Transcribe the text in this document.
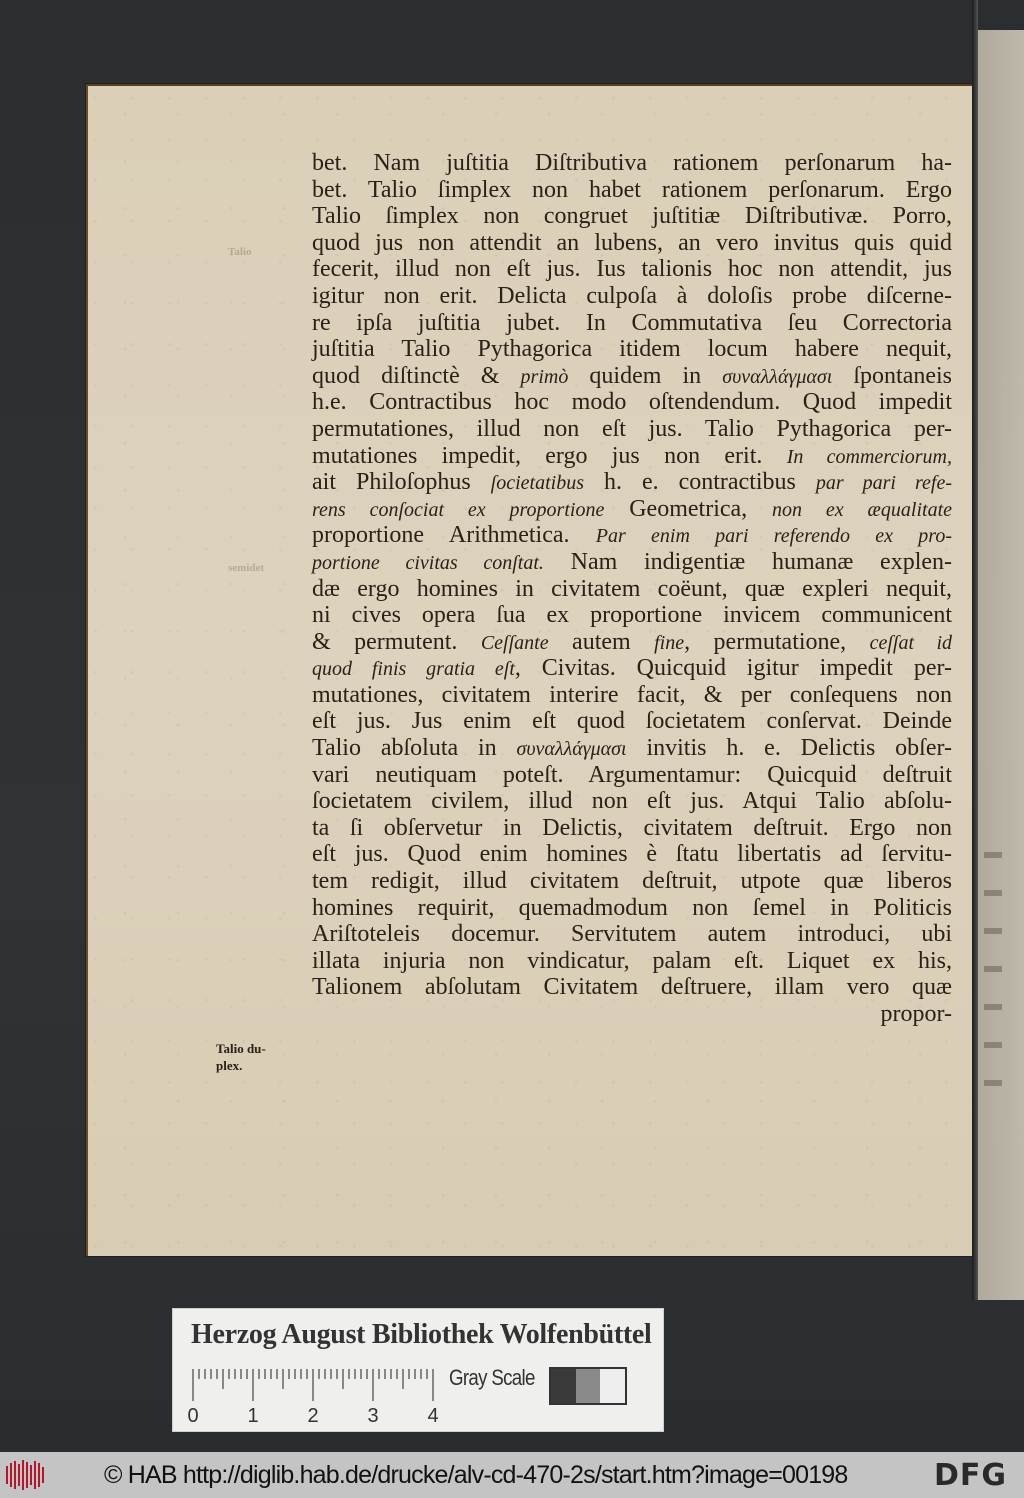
Talio
semidet
bet. Nam juſtitia Diſtributiva rationem perſonarum ha-
bet. Talio ſimplex non habet rationem perſonarum. Ergo
Talio ſimplex non congruet juſtitiæ Diſtributivæ. Porro,
quod jus non attendit an lubens, an vero invitus quis quid
fecerit, illud non eſt jus. Ius talionis hoc non attendit, jus
igitur non erit. Delicta culpoſa à doloſis probe diſcerne-
re ipſa juſtitia jubet. In Commutativa ſeu Correctoria
juſtitia Talio Pythagorica itidem locum habere nequit,
quod diſtinctè & primò quidem in συναλλάγμασι ſpontaneis
h.e. Contractibus hoc modo oſtendendum. Quod impedit
permutationes, illud non eſt jus. Talio Pythagorica per-
mutationes impedit, ergo jus non erit. In commerciorum,
ait Philoſophus ſocietatibus h. e. contractibus par pari refe-
rens conſociat ex proportione Geometrica, non ex æqualitate
proportione Arithmetica. Par enim pari referendo ex pro-
portione civitas conſtat. Nam indigentiæ humanæ explen-
dæ ergo homines in civitatem coëunt, quæ expleri nequit,
ni cives opera ſua ex proportione invicem communicent
& permutent. Ceſſante autem fine, permutatione, ceſſat id
quod finis gratia eſt, Civitas. Quicquid igitur impedit per-
mutationes, civitatem interire facit, & per conſequens non
eſt jus. Jus enim eſt quod ſocietatem conſervat. Deinde
Talio abſoluta in συναλλάγμασι invitis h. e. Delictis obſer-
vari neutiquam poteſt. Argumentamur: Quicquid deſtruit
ſocietatem civilem, illud non eſt jus. Atqui Talio abſolu-
ta ſi obſervetur in Delictis, civitatem deſtruit. Ergo non
eſt jus. Quod enim homines è ſtatu libertatis ad ſervitu-
tem redigit, illud civitatem deſtruit, utpote quæ liberos
homines requirit, quemadmodum non ſemel in Politicis
Ariſtoteleis docemur. Servitutem autem introduci, ubi
illata injuria non vindicatur, palam eſt. Liquet ex his,
Talionem abſolutam Civitatem deſtruere, illam vero quæ
propor-
Talio du-
plex.
Herzog August Bibliothek Wolfenbüttel
0 1 2 3 4
Gray Scale
© HAB http://diglib.hab.de/drucke/alv-cd-470-2s/start.htm?image=00198	DFG
